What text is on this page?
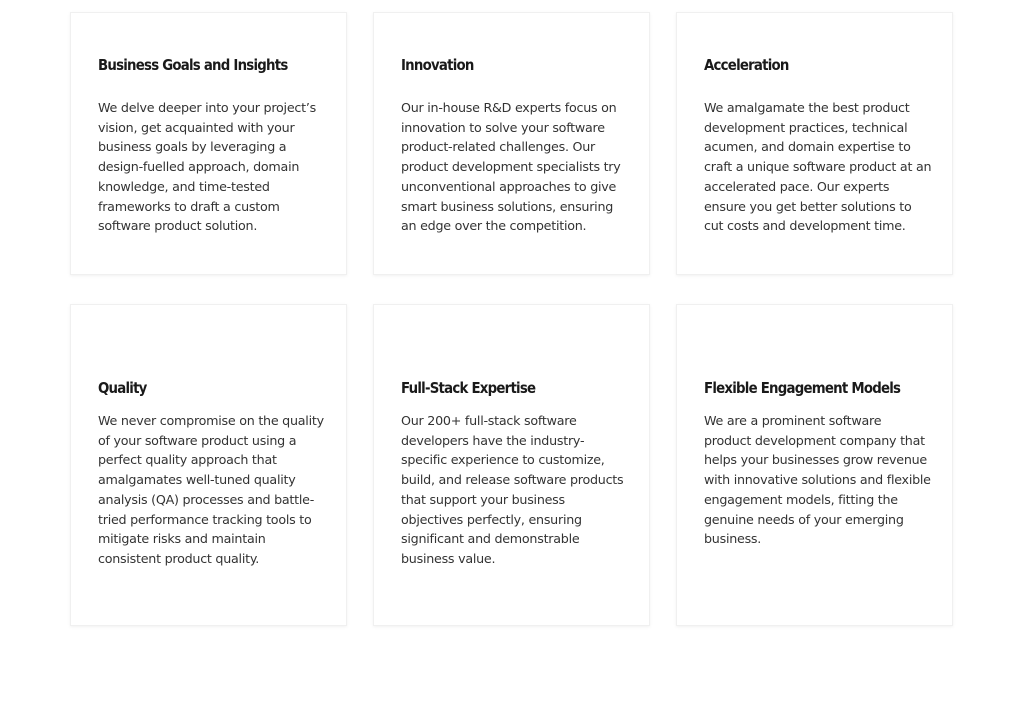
Business Goals and Insights

We delve deeper into your project’s vision, get acquainted with your business goals by leveraging a design-fuelled approach, domain knowledge, and time-tested frameworks to draft a custom software product solution.

Innovation

Our in-house R&D experts focus on innovation to solve your software product-related challenges. Our product development specialists try unconventional approaches to give smart business solutions, ensuring an edge over the competition.

Acceleration

We amalgamate the best product development practices, technical acumen, and domain expertise to craft a unique software product at an accelerated pace. Our experts ensure you get better solutions to cut costs and development time.

Quality

We never compromise on the quality of your software product using a perfect quality approach that amalgamates well-tuned quality analysis (QA) processes and battle-tried performance tracking tools to mitigate risks and maintain consistent product quality.

Full-Stack Expertise

Our 200+ full-stack software developers have the industry-specific experience to customize, build, and release software products that support your business objectives perfectly, ensuring significant and demonstrable business value.

Flexible Engagement Models

We are a prominent software product development company that helps your businesses grow revenue with innovative solutions and flexible engagement models, fitting the genuine needs of your emerging business.
